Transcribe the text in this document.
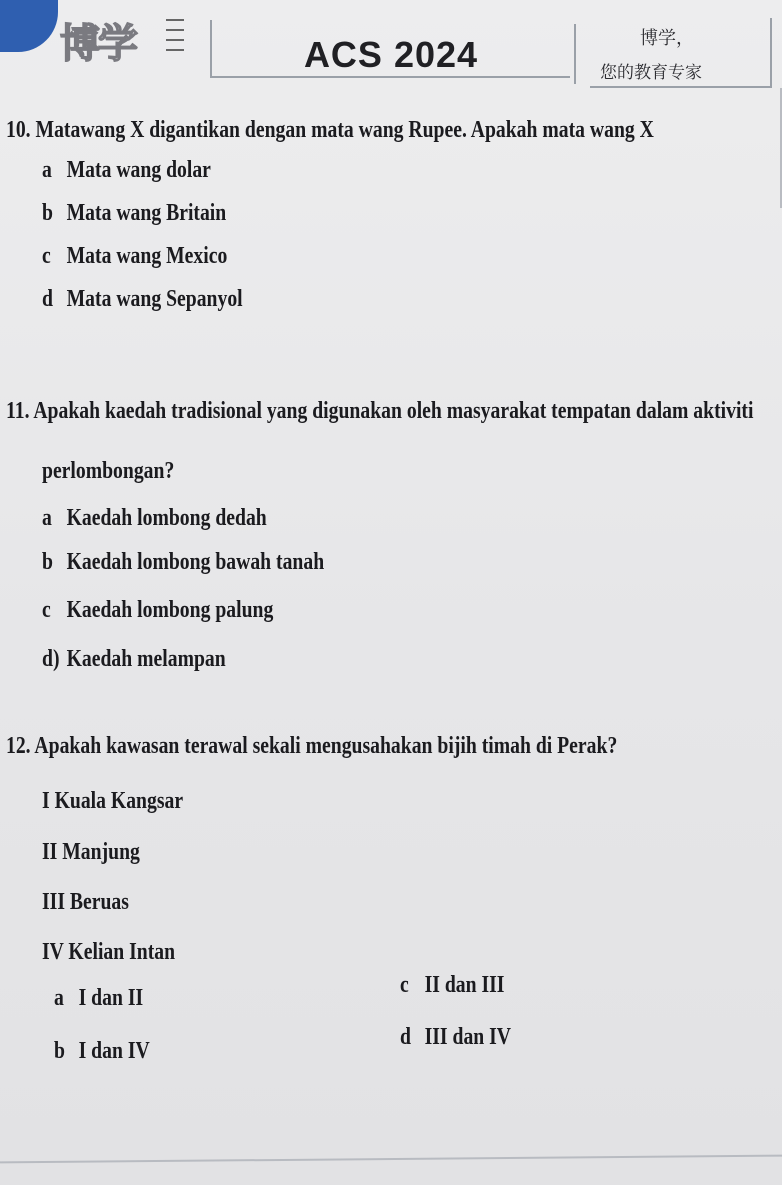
博学	ACS 2024	博学，
您的教育专家
10. Matawang X digantikan dengan mata wang Rupee. Apakah mata wang X
a Mata wang dolar
b Mata wang Britain
c Mata wang Mexico
d Mata wang Sepanyol
11. Apakah kaedah tradisional yang digunakan oleh masyarakat tempatan dalam aktiviti
perlombongan?
a Kaedah lombong dedah
b Kaedah lombong bawah tanah
c Kaedah lombong palung
d) Kaedah melampan
12. Apakah kawasan terawal sekali mengusahakan bijih timah di Perak?
I Kuala Kangsar
II Manjung
III Beruas
IV Kelian Intan
a I dan II
b I dan IV
c II dan III
d III dan IV
